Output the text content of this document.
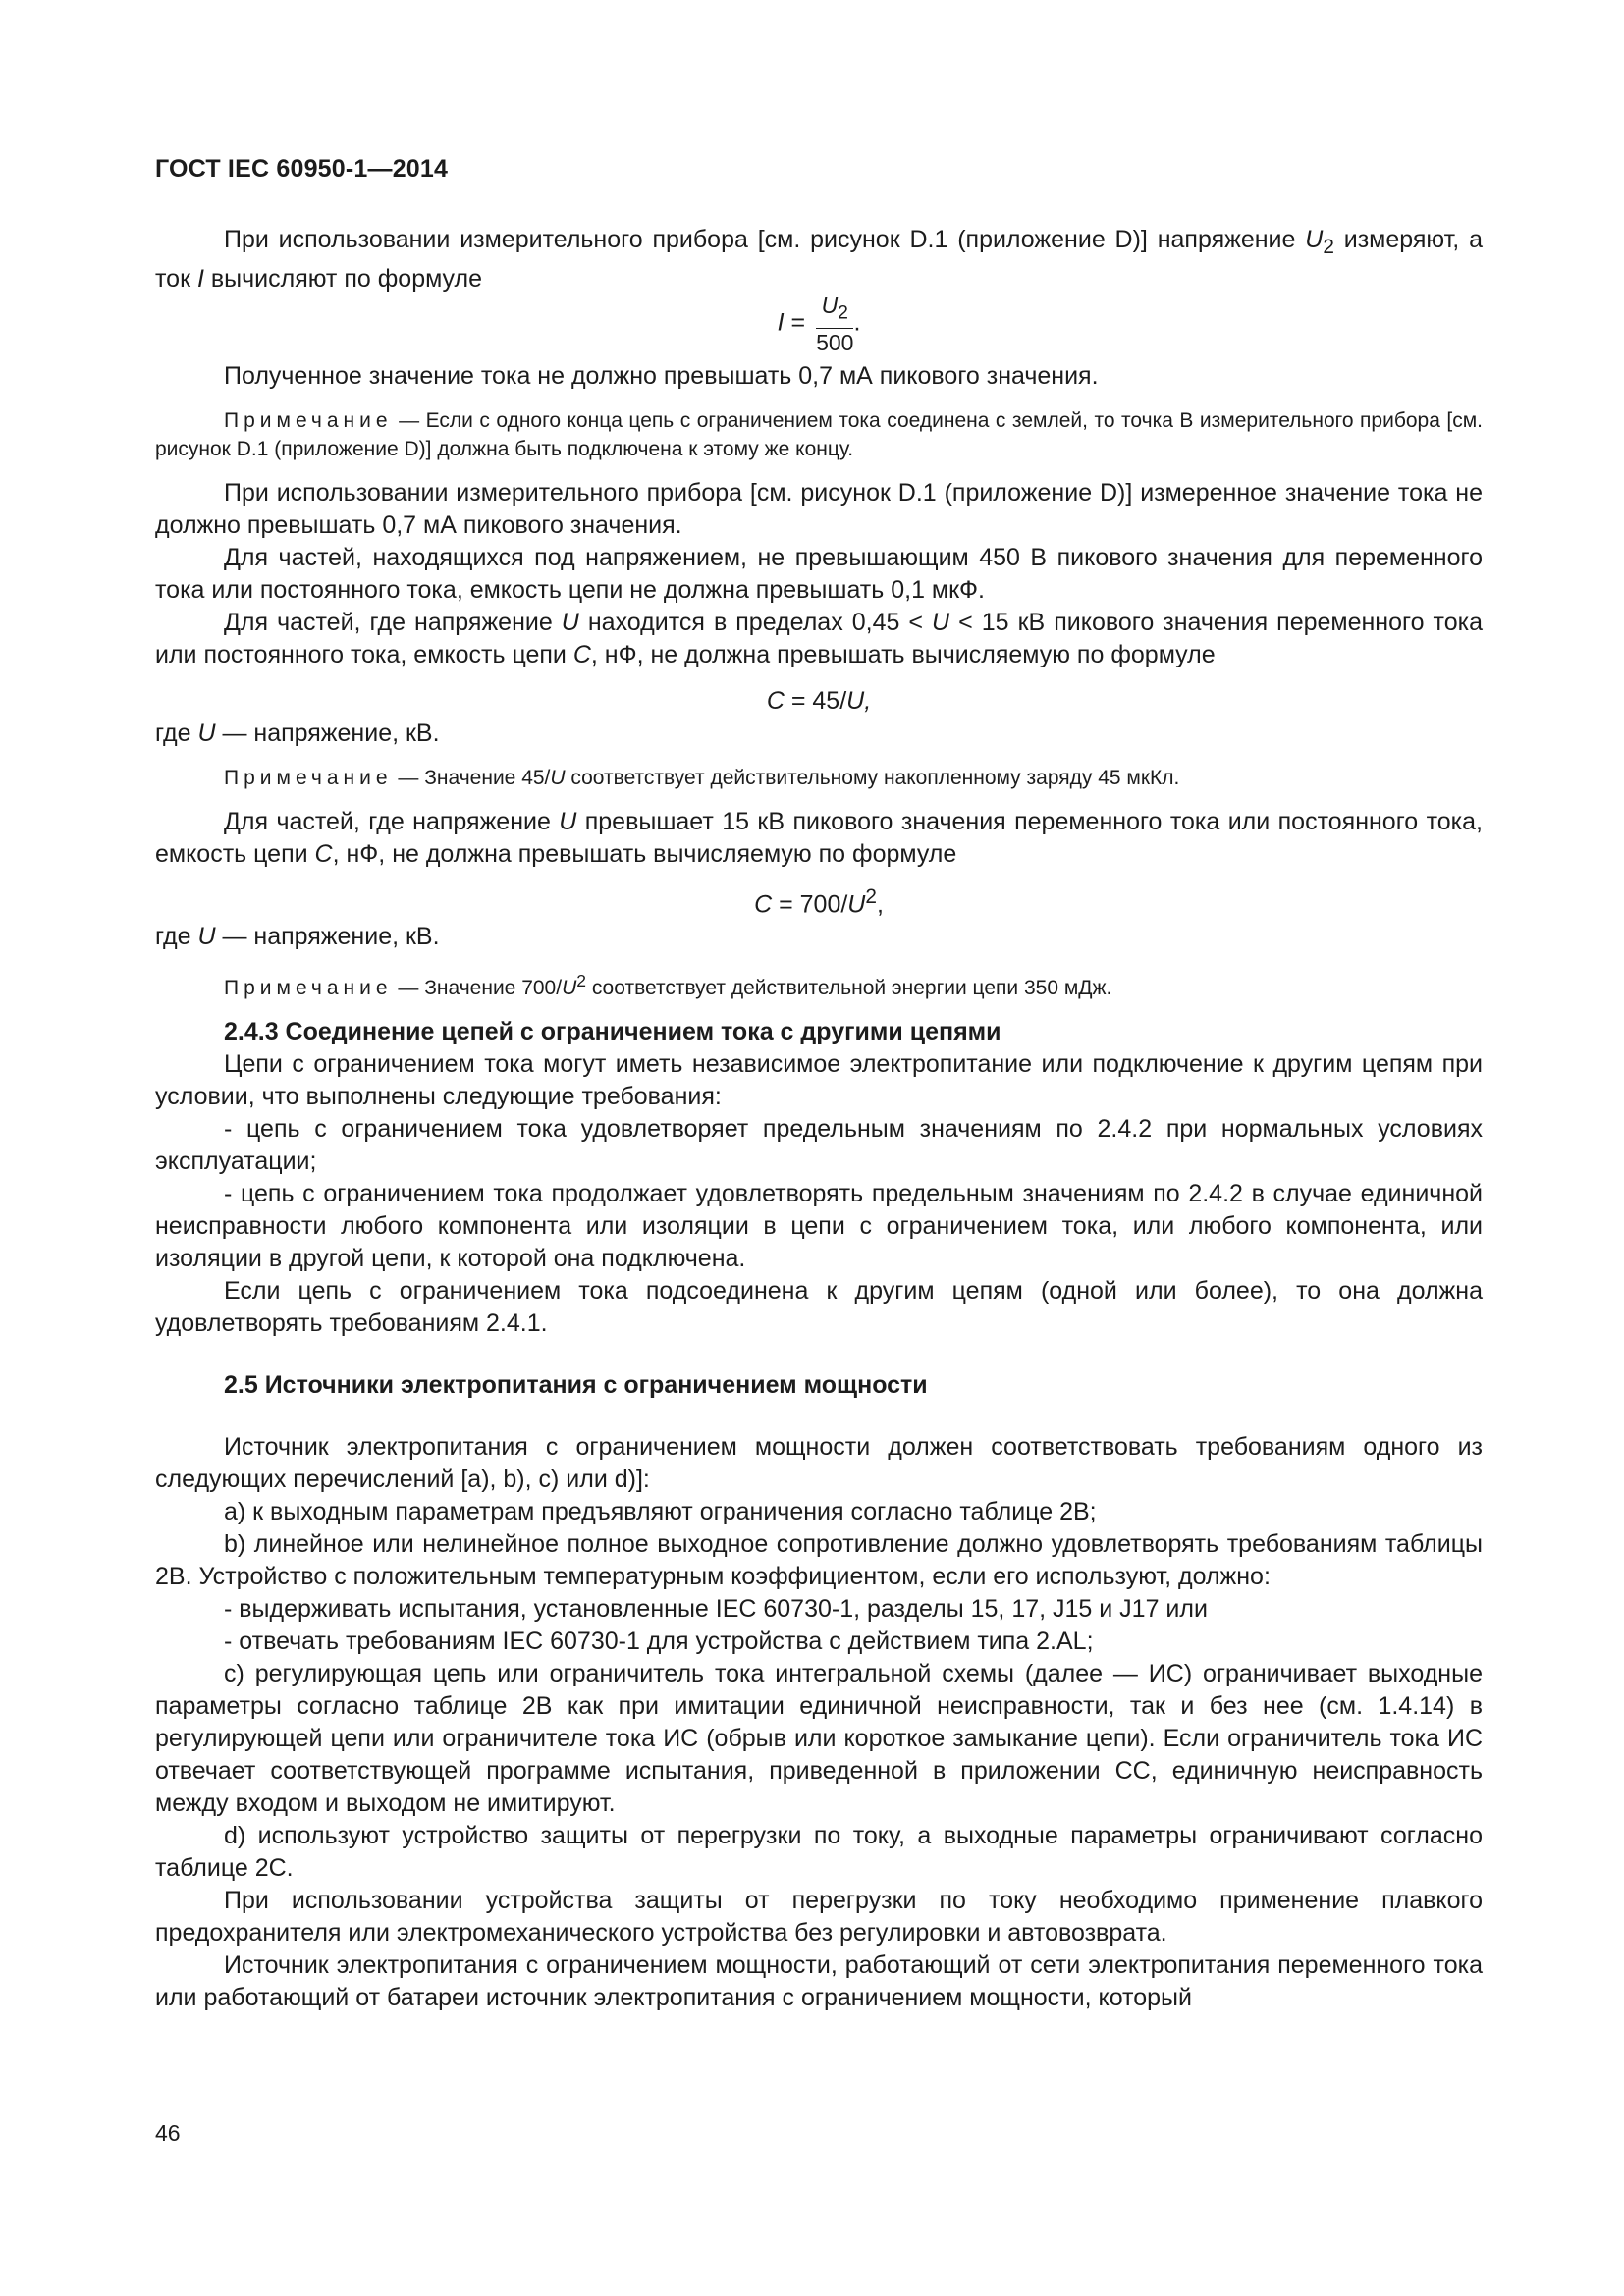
ГОСТ IEC 60950-1—2014

При использовании измерительного прибора [см. рисунок D.1 (приложение D)] напряжение $U_2$ измеряют, а ток I вычисляют по формуле

$I = \frac{U_2}{500}$ .

Полученное значение тока не должно превышать 0,7 мА пикового значения.

Примечание — Если с одного конца цепь с ограничением тока соединена с землей, то точка B измерительного прибора [см. рисунок D.1 (приложение D)] должна быть подключена к этому же концу.

При использовании измерительного прибора [см. рисунок D.1 (приложение D)] измеренное значение тока не должно превышать 0,7 мА пикового значения.

Для частей, находящихся под напряжением, не превышающим 450 В пикового значения для переменного тока или постоянного тока, емкость цепи не должна превышать 0,1 мкФ.

Для частей, где напряжение U находится в пределах 0,45 < U < 15 кВ пикового значения переменного тока или постоянного тока, емкость цепи C, нФ, не должна превышать вычисляемую по формуле

C = 45/U,

где U — напряжение, кВ.

Примечание — Значение 45/U соответствует действительному накопленному заряду 45 мкКл.

Для частей, где напряжение U превышает 15 кВ пикового значения переменного тока или постоянного тока, емкость цепи C, нФ, не должна превышать вычисляемую по формуле

$C = 700/U^2$,

где U — напряжение, кВ.

Примечание — Значение $700/U^2$ соответствует действительной энергии цепи 350 мДж.

2.4.3 Соединение цепей с ограничением тока с другими цепями

Цепи с ограничением тока могут иметь независимое электропитание или подключение к другим цепям при условии, что выполнены следующие требования:

- цепь с ограничением тока удовлетворяет предельным значениям по 2.4.2 при нормальных условиях эксплуатации;

- цепь с ограничением тока продолжает удовлетворять предельным значениям по 2.4.2 в случае единичной неисправности любого компонента или изоляции в цепи с ограничением тока, или любого компонента, или изоляции в другой цепи, к которой она подключена.

Если цепь с ограничением тока подсоединена к другим цепям (одной или более), то она должна удовлетворять требованиям 2.4.1.

2.5 Источники электропитания с ограничением мощности

Источник электропитания с ограничением мощности должен соответствовать требованиям одного из следующих перечислений [a), b), c) или d)]:

a) к выходным параметрам предъявляют ограничения согласно таблице 2B;

b) линейное или нелинейное полное выходное сопротивление должно удовлетворять требованиям таблицы 2B. Устройство с положительным температурным коэффициентом, если его используют, должно:

- выдерживать испытания, установленные IEC 60730-1, разделы 15, 17, J15 и J17 или

- отвечать требованиям IEC 60730-1 для устройства с действием типа 2.AL;

c) регулирующая цепь или ограничитель тока интегральной схемы (далее — ИС) ограничивает выходные параметры согласно таблице 2B как при имитации единичной неисправности, так и без нее (см. 1.4.14) в регулирующей цепи или ограничителе тока ИС (обрыв или короткое замыкание цепи). Если ограничитель тока ИС отвечает соответствующей программе испытания, приведенной в приложении CC, единичную неисправность между входом и выходом не имитируют.

d) используют устройство защиты от перегрузки по току, а выходные параметры ограничивают согласно таблице 2C.

При использовании устройства защиты от перегрузки по току необходимо применение плавкого предохранителя или электромеханического устройства без регулировки и автовозврата.

Источник электропитания с ограничением мощности, работающий от сети электропитания переменного тока или работающий от батареи источник электропитания с ограничением мощности, который

46
